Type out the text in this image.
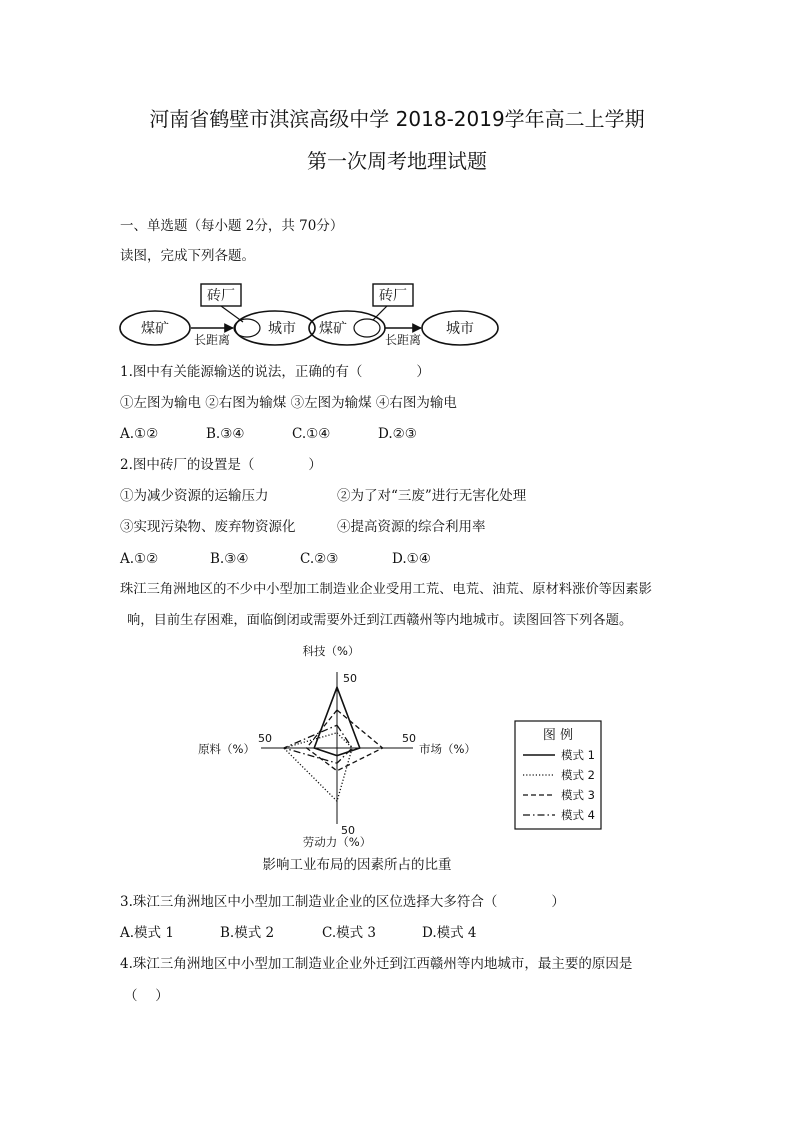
河南省鹤壁市淇滨高级中学 2018-2019学年高二上学期
第一次周考地理试题
一、单选题（每小题 2分，共 70分）
读图，完成下列各题。
煤矿
长距离
砖厂
城市 煤矿
砖厂
长距离
城市
1.图中有关能源输送的说法，正确的有（　　　　）
①左图为输电 ②右图为输煤 ③左图为输煤 ④右图为输电
A.①②	B.③④	C.①④	D.②③
2.图中砖厂的设置是（　　　　）
①为减少资源的运输压力	②为了对“三废”进行无害化处理
③实现污染物、废弃物资源化	④提高资源的综合利用率
A.①②	B.③④	C.②③	D.①④
珠江三角洲地区的不少中小型加工制造业企业受用工荒、电荒、油荒、原材料涨价等因素影
响，目前生存困难，面临倒闭或需要外迁到江西赣州等内地城市。读图回答下列各题。
50
50
50
50
科技（%）
市场（%）
劳动力（%）
原料（%）
影响工业布局的因素所占的比重
图 例
模式 1
模式 2
模式 3
模式 4
3.珠江三角洲地区中小型加工制造业企业的区位选择大多符合（　　　　）
A.模式 1	B.模式 2	C.模式 3	D.模式 4
4.珠江三角洲地区中小型加工制造业企业外迁到江西赣州等内地城市，最主要的原因是
（　 ）
